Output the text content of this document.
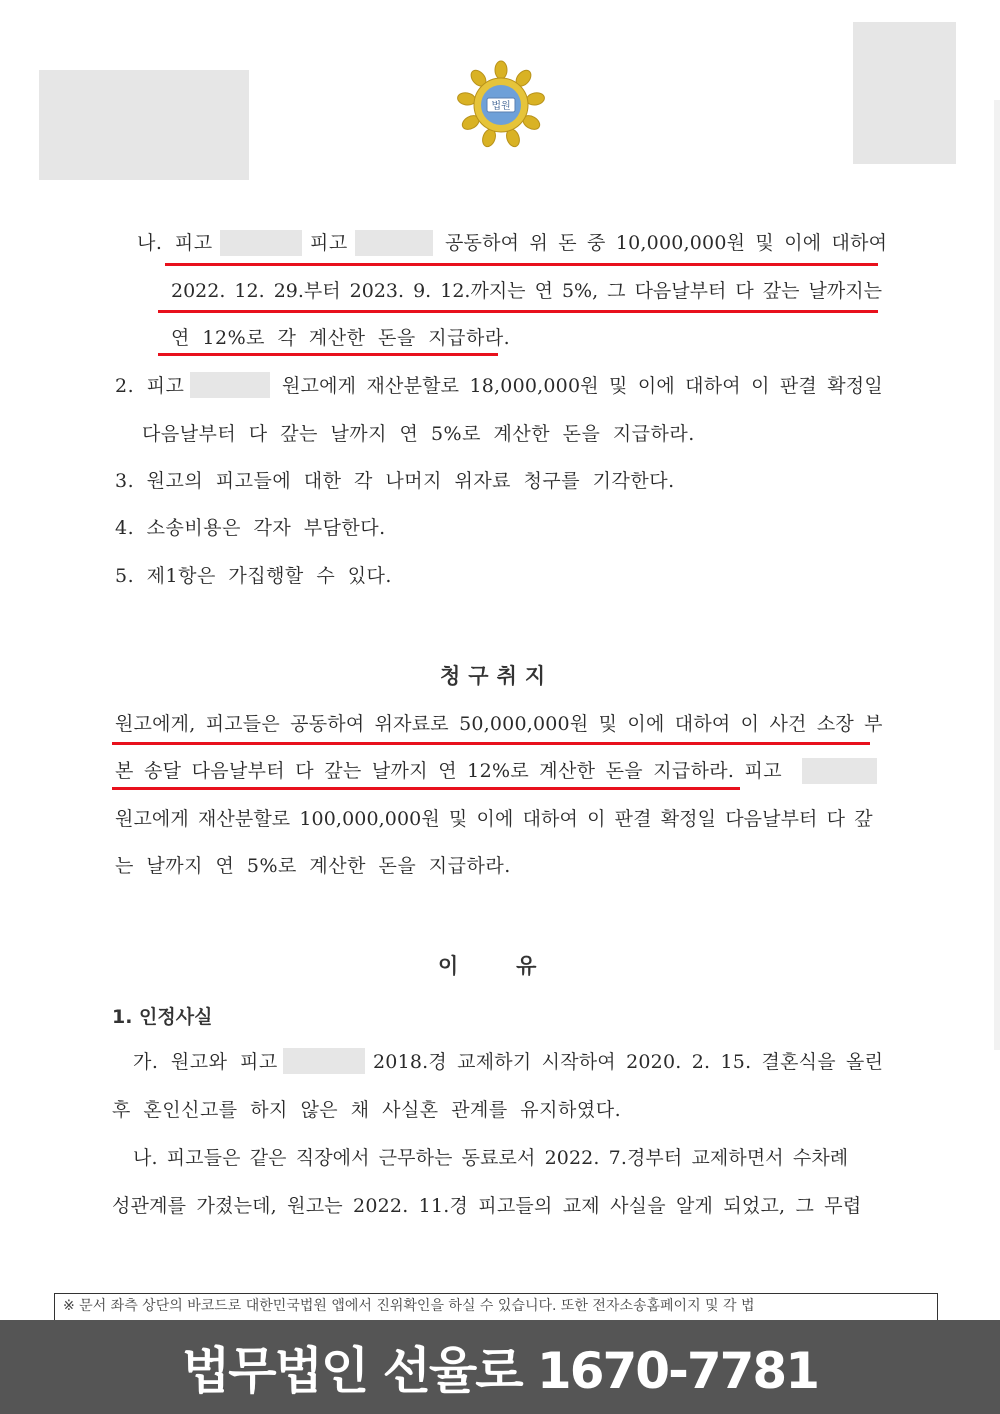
법원
나. 피고	피고	공동하여 위 돈 중 10,000,000원 및 이에 대하여
2022. 12. 29.부터 2023. 9. 12.까지는 연 5%, 그 다음날부터 다 갚는 날까지는
연 12%로 각 계산한 돈을 지급하라.
2. 피고	원고에게 재산분할로 18,000,000원 및 이에 대하여 이 판결 확정일
다음날부터 다 갚는 날까지 연 5%로 계산한 돈을 지급하라.
3. 원고의 피고들에 대한 각 나머지 위자료 청구를 기각한다.
4. 소송비용은 각자 부담한다.
5. 제1항은 가집행할 수 있다.
청구취지
원고에게, 피고들은 공동하여 위자료로 50,000,000원 및 이에 대하여 이 사건 소장 부
본 송달 다음날부터 다 갚는 날까지 연 12%로 계산한 돈을 지급하라. 피고
원고에게 재산분할로 100,000,000원 및 이에 대하여 이 판결 확정일 다음날부터 다 갚
는 날까지 연 5%로 계산한 돈을 지급하라.
이      유
1. 인정사실
가. 원고와 피고	2018.경 교제하기 시작하여 2020. 2. 15. 결혼식을 올린
후 혼인신고를 하지 않은 채 사실혼 관계를 유지하였다.
나. 피고들은 같은 직장에서 근무하는 동료로서 2022. 7.경부터 교제하면서 수차례
성관계를 가졌는데, 원고는 2022. 11.경 피고들의 교제 사실을 알게 되었고, 그 무렵
※ 문서 좌측 상단의 바코드로 대한민국법원 앱에서 진위확인을 하실 수 있습니다. 또한 전자소송홈페이지 및 각 법
법무법인 선율로 1670-7781
